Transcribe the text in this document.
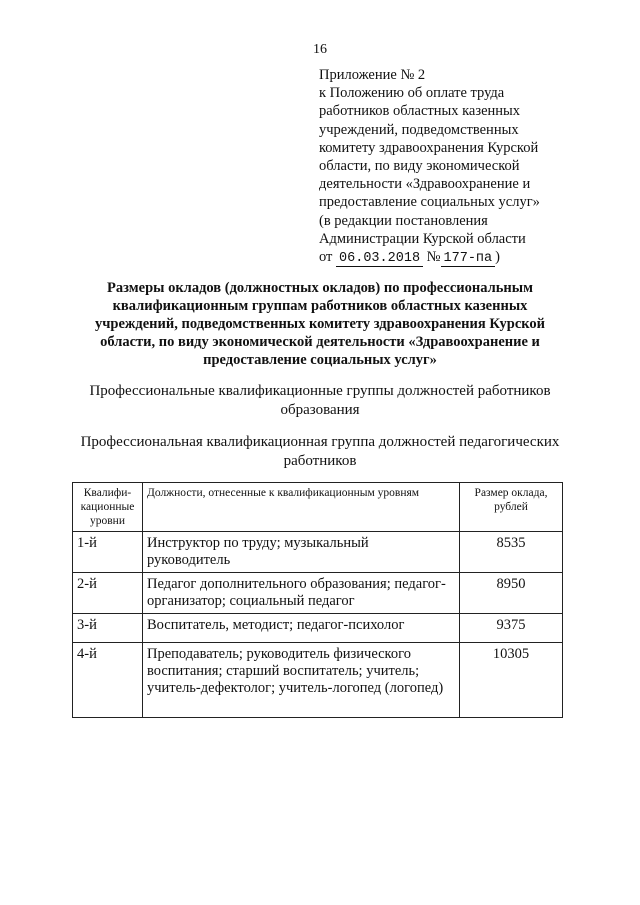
16
Приложение № 2
к Положению об оплате труда
работников областных казенных
учреждений, подведомственных
комитету здравоохранения Курской
области, по виду экономической
деятельности «Здравоохранение и
предоставление социальных услуг»
(в редакции постановления
Администрации Курской области
от 06.03.2018 № 177-па )
Размеры окладов (должностных окладов) по профессиональным квалификационным группам работников областных казенных учреждений, подведомственных комитету здравоохранения Курской области, по виду экономической деятельности «Здравоохранение и предоставление социальных услуг»
Профессиональные квалификационные группы должностей работников образования
Профессиональная квалификационная группа должностей педагогических работников
Квалифи-кационные уровни	Должности, отнесенные к квалификационным уровням	Размер оклада, рублей
1-й	Инструктор по труду; музыкальный руководитель	8535
2-й	Педагог дополнительного образования; педагог-организатор; социальный педагог	8950
3-й	Воспитатель, методист; педагог-психолог	9375
4-й	Преподаватель; руководитель физического воспитания; старший воспитатель; учитель; учитель-дефектолог; учитель-логопед (логопед)	10305
